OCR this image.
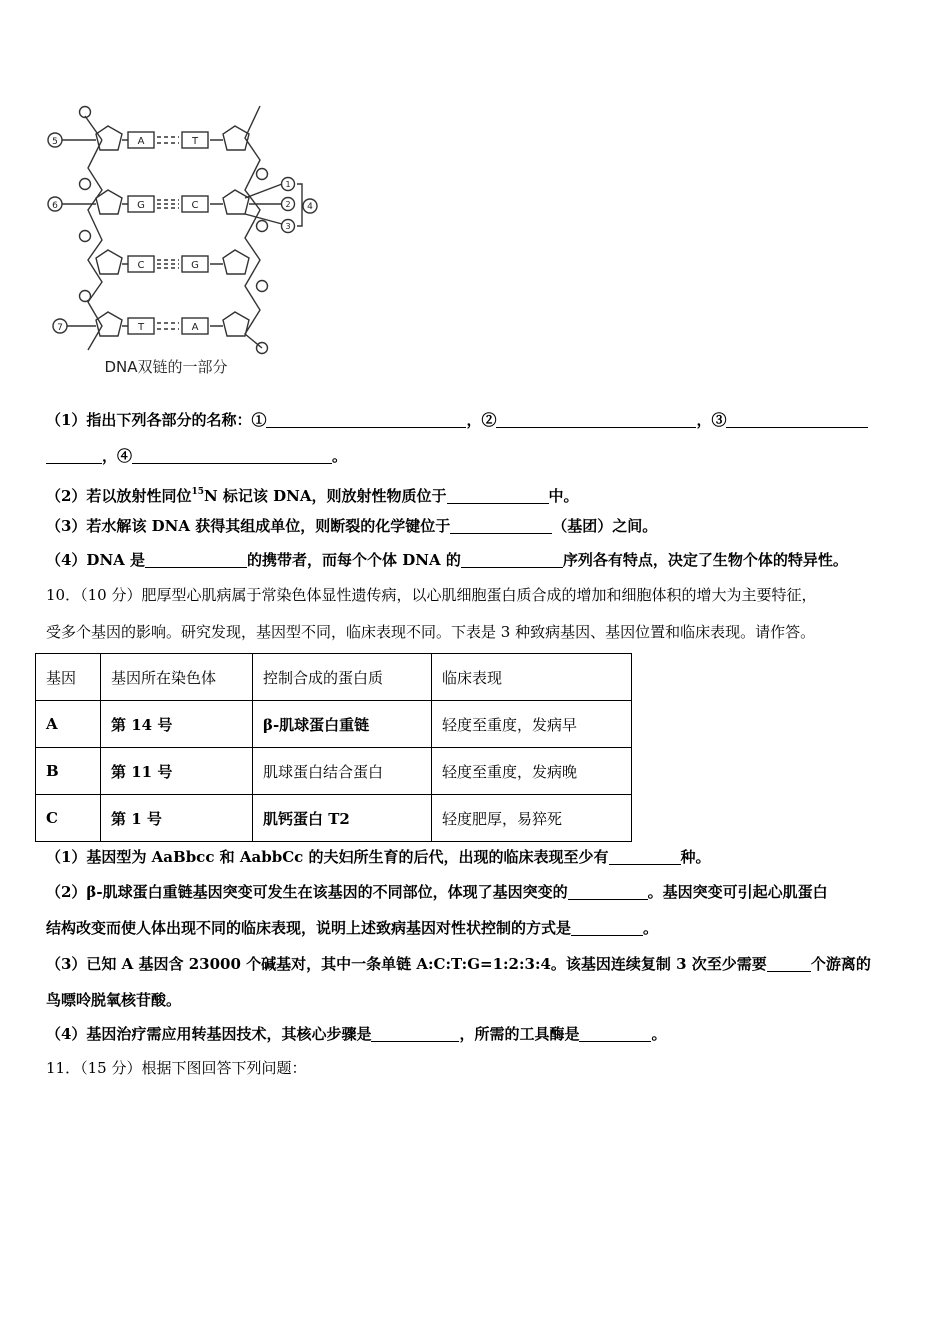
A	T
G	C
C	G
T	A
5
6
7
1
2
3
4
DNA双链的一部分
（1）指出下列各部分的名称：①	，②	，③
，④	。
（2）若以放射性同位$^{15}$N 标记该 DNA，则放射性物质位于	中。
（3）若水解该 DNA 获得其组成单位，则断裂的化学键位于	（基团）之间。
（4）DNA 是	的携带者，而每个个体 DNA 的	序列各有特点，决定了生物个体的特异性。
10．（10 分）肥厚型心肌病属于常染色体显性遗传病，以心肌细胞蛋白质合成的增加和细胞体积的增大为主要特征，
受多个基因的影响。研究发现，基因型不同，临床表现不同。下表是 3 种致病基因、基因位置和临床表现。请作答。
基因	基因所在染色体	控制合成的蛋白质	临床表现
A	第 14 号	β-肌球蛋白重链	轻度至重度，发病早
B	第 11 号	肌球蛋白结合蛋白	轻度至重度，发病晚
C	第 1 号	肌钙蛋白 T2	轻度肥厚，易猝死
（1）基因型为 AaBbcc 和 AabbCc 的夫妇所生育的后代，出现的临床表现至少有	种。
（2）β-肌球蛋白重链基因突变可发生在该基因的不同部位，体现了基因突变的	。基因突变可引起心肌蛋白
结构改变而使人体出现不同的临床表现，说明上述致病基因对性状控制的方式是	。
（3）已知 A 基因含 23000 个碱基对，其中一条单链 A:C:T:G=1:2:3:4。该基因连续复制 3 次至少需要	个游离的
鸟嘌呤脱氧核苷酸。
（4）基因治疗需应用转基因技术，其核心步骤是	，所需的工具酶是	。
11．（15 分）根据下图回答下列问题：
